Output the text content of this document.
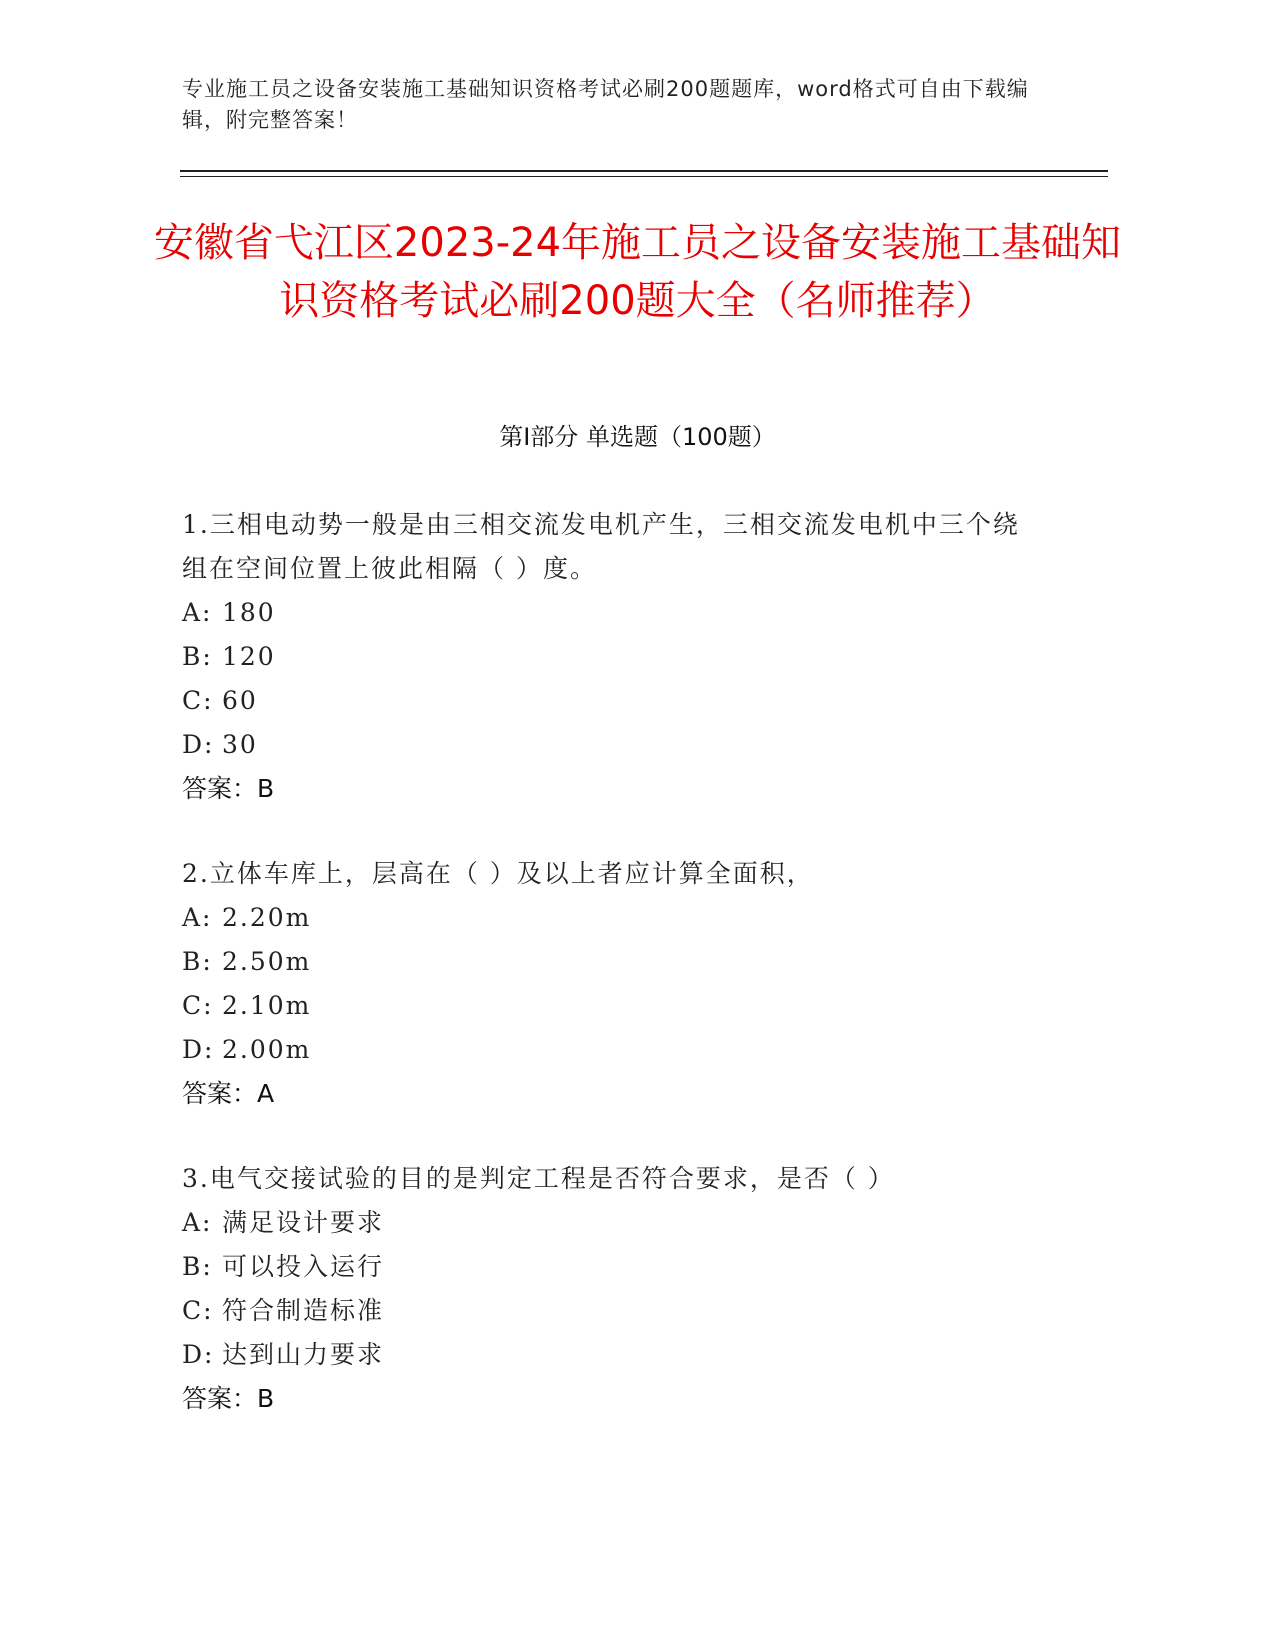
专业施工员之设备安装施工基础知识资格考试必刷200题题库，word格式可自由下载编辑，附完整答案！
安徽省弋江区2023-24年施工员之设备安装施工基础知识资格考试必刷200题大全（名师推荐）
第Ⅰ部分 单选题（100题）
1.三相电动势一般是由三相交流发电机产生，三相交流发电机中三个绕组在空间位置上彼此相隔（ ）度。
A: 180
B: 120
C: 60
D: 30
答案：B
2.立体车库上，层高在（ ）及以上者应计算全面积，
A: 2.20m
B: 2.50m
C: 2.10m
D: 2.00m
答案：A
3.电气交接试验的目的是判定工程是否符合要求，是否（ ）
A: 满足设计要求
B: 可以投入运行
C: 符合制造标准
D: 达到山力要求
答案：B
